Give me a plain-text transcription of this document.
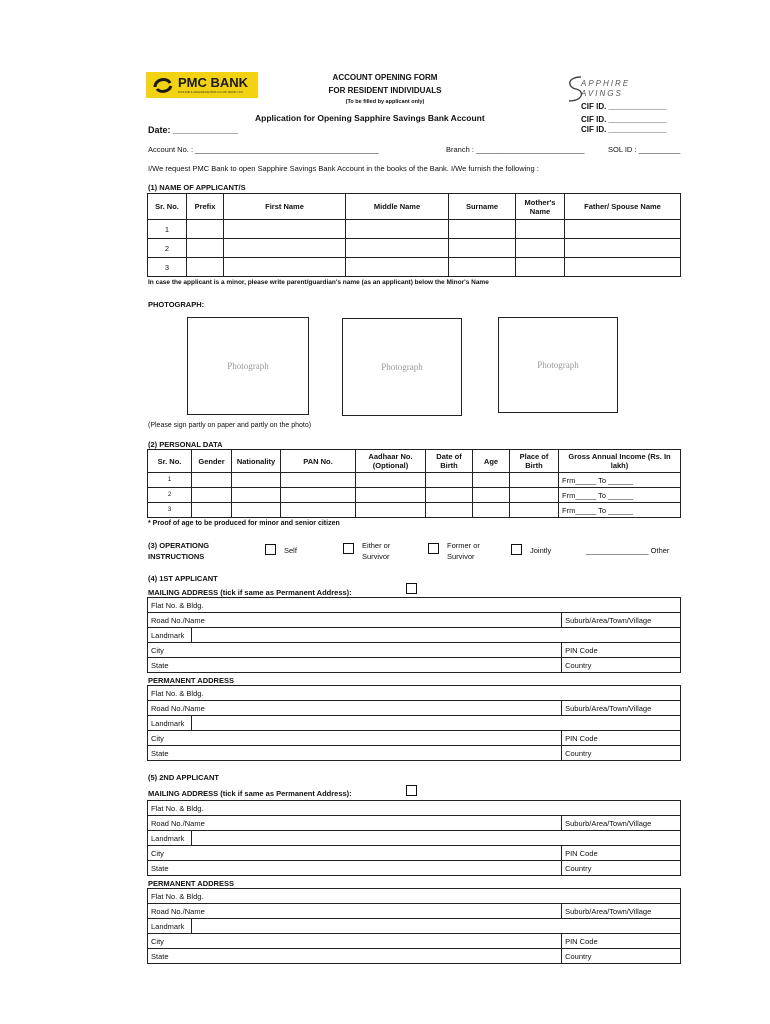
PMC BANK
PUNJAB & MAHARASHTRA CO-OP. BANK LTD.
APPHIRE
AVINGS
ACCOUNT OPENING FORM
FOR RESIDENT INDIVIDUALS
(To be filled by applicant only)
Application for Opening Sapphire Savings Bank Account
Date: _____________
CIF ID. _____________
CIF ID. _____________
CIF ID. _____________
Account No. : ____________________________________________	Branch : __________________________	SOL ID : __________
I/We request PMC Bank to open Sapphire Savings Bank Account in the books of the Bank. I/We furnish the following :
(1) NAME OF APPLICANT/S
Sr. No.	Prefix	First Name	Middle Name	Surname	Mother's Name	Father/ Spouse Name
1						
2						
3						
In case the applicant is a minor, please write parent/guardian's name (as an applicant) below the Minor's Name
PHOTOGRAPH:
Photograph	Photograph	Photograph
(Please sign partly on paper and partly on the photo)
(2) PERSONAL DATA
Sr. No.	Gender	Nationality	PAN No.	Aadhaar No. (Optional)	Date of Birth	Age	Place of Birth	Gross Annual Income (Rs. In lakh)
1								Frm_____ To ______
2								Frm_____ To ______
3								Frm_____ To ______
* Proof of age to be produced for minor and senior citizen
(3) OPERATIONG INSTRUCTIONS
Self
Either or Survivor
Former or Survivor
Jointly	_______________ Other
(4) 1ST APPLICANT
MAILING ADDRESS (tick if same as Permanent Address):
Flat No. & Bldg.		
Road No./Name		Suburb/Area/Town/Village
Landmark		
City		PIN Code
State		Country
PERMANENT ADDRESS
Flat No. & Bldg.		
Road No./Name		Suburb/Area/Town/Village
Landmark		
City		PIN Code
State		Country
(5) 2ND APPLICANT
MAILING ADDRESS (tick if same as Permanent Address):
Flat No. & Bldg.		
Road No./Name		Suburb/Area/Town/Village
Landmark		
City		PIN Code
State		Country
PERMANENT ADDRESS
Flat No. & Bldg.		
Road No./Name		Suburb/Area/Town/Village
Landmark		
City		PIN Code
State		Country
